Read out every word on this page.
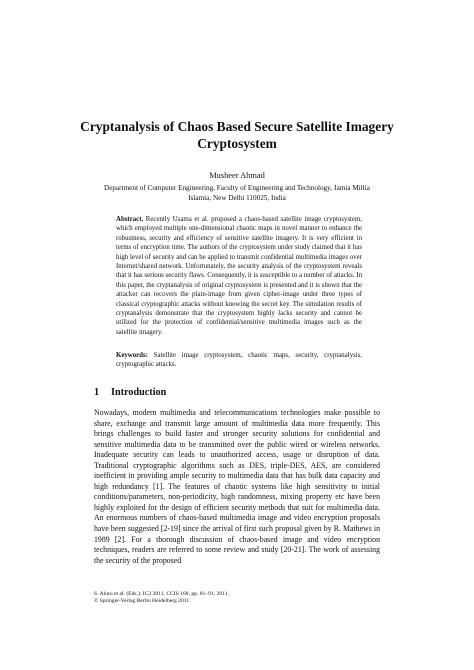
Cryptanalysis of Chaos Based Secure Satellite Imagery Cryptosystem

Musheer Ahmad

Department of Computer Engineering, Faculty of Engineering and Technology, Jamia Millia Islamia, New Delhi 110025, India

Abstract. Recently Usama et al. proposed a chaos-based satellite image cryptosystem, which employed multiple one-dimensional chaotic maps in novel manner to enhance the robustness, security and efficiency of sensitive satellite imagery. It is very efficient in terms of encryption time. The authors of the cryptosystem under study claimed that it has high level of security and can be applied to transmit confidential multimedia images over Internet/shared network. Unfortunately, the security analysis of the cryptosystem reveals that it has serious security flaws. Consequently, it is susceptible to a number of attacks. In this paper, the cryptanalysis of original cryptosystem is presented and it is shown that the attacker can recovers the plain-image from given cipher-image under three types of classical cryptographic attacks without knowing the secret key. The simulation results of cryptanalysis demonstrate that the cryptosystem highly lacks security and cannot be utilized for the protection of confidential/sensitive multimedia images such as the satellite imagery.

Keywords: Satellite image cryptosystem, chaotic maps, security, cryptanalysis, cryptographic attacks.

1 Introduction

Nowadays, modern multimedia and telecommunications technologies make possible to share, exchange and transmit large amount of multimedia data more frequently. This brings challenges to build faster and stronger security solutions for confidential and sensitive multimedia data to be transmitted over the public wired or wireless networks. Inadequate security can leads to unauthorized access, usage or disruption of data. Traditional cryptographic algorithms such as DES, triple-DES, AES, are considered inefficient in providing ample security to multimedia data that has bulk data capacity and high redundancy [1]. The features of chaotic systems like high sensitivity to initial conditions/parameters, non-periodicity, high randomness, mixing property etc have been highly exploited for the design of efficient security methods that suit for multimedia data. An enormous numbers of chaos-based multimedia image and video encryption proposals have been suggested [2-19] since the arrival of first such proposal given by R. Mathews in 1989 [2]. For a thorough discussion of chaos-based image and video encryption techniques, readers are referred to some review and study [20-21]. The work of assessing the security of the proposed

S. Aluru et al. (Eds.): IC3 2011, CCIS 168, pp. 81–91, 2011.
© Springer-Verlag Berlin Heidelberg 2011
